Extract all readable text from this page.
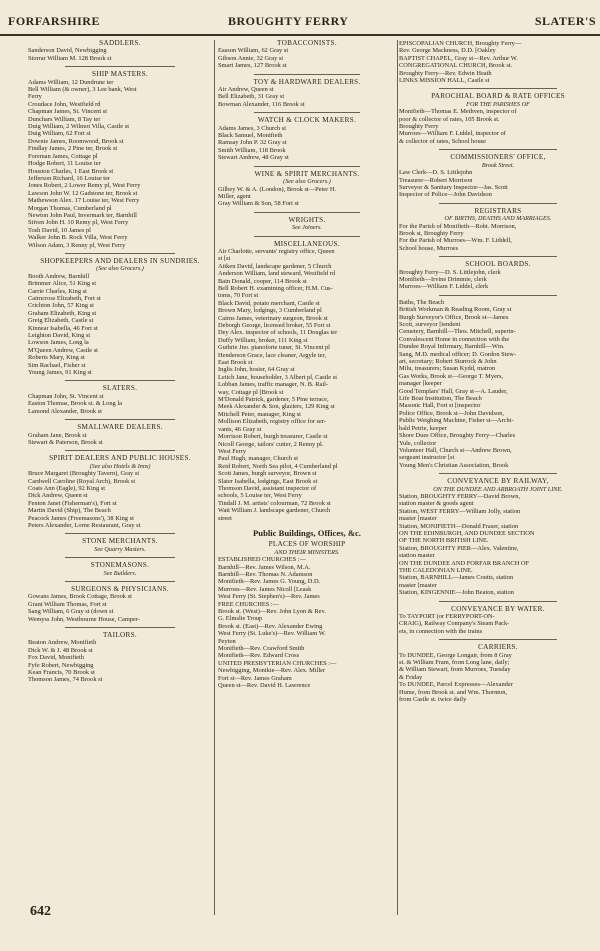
FORFARSHIRE	BROUGHTY FERRY	SLATER'S
SADDLERS.
Sanderson David, Newbigging
Storrar William M. 128 Brook st
SHIP MASTERS.
Adams William, 12 Dundrune ter
Bell William (& owner), 3 Lee bank, West
Ferry
Croudace John, Westfield rd
Chapman James, St. Vincent st
Dunchars William, 8 Tay ter
Duig William, 2 Wilmot Villa, Castle st
Duig William, 62 Fort st
Downie James, Roomwood, Brook st
Findlay James, 2 Pine ter, Brook st
Foreman James, Cottage pl
Hodge Robert, 11 Louise ter
Houston Charles, 1 East Brook st
Jefferson Richard, 16 Louise ter
Jones Robert, 2 Lower Remy pl, West Ferry
Lawson John W. 12 Gadstone ter, Brook st
Mathewson Alex. 17 Louise ter, West Ferry
Morgan Thomas, Cumberland pl
Newton John Paul, Invermark ter, Barnhill
Stiven John H. 10 Remy pl, West Ferry
Tosh David, 10 James pl
Walker John B. Rock Villa, West Ferry
Wilson Adam, 3 Renny pl, West Ferry
SHOPKEEPERS AND DEALERS IN SUNDRIES.
(See also Grocers.)
Booth Andrew, Barnhill
Brimmer Alice, 51 King st
Carrie Charles, King st
Cairncross Elizabeth, Fort st
Crichton John, 57 King st
Graham Elizabeth, King st
Greig Elizabeth, Castle st
Kinnear Isabella, 46 Fort st
Leighton David, King st
Lowson James, Long la
M'Queen Andrew, Castle st
Roberts Mary, King st
Sim Rachael, Fisher st
Young James, 91 King st
SLATERS.
Chapman John, St. Vincent st
Easton Thomas, Brook st. & Long la
Lamond Alexander, Brook st
SMALLWARE DEALERS.
Graham Jane, Brook st
Stewart & Paterson, Brook st
SPIRIT DEALERS AND PUBLIC HOUSES.
(See also Hotels & Inns)
Bruce Margaret (Broughty Tavern), Gray st
Cardwell Caroline (Royal Arch), Brook st
Coats Ann (Eagle), 92 King st
Dick Andrew, Queen st
Fenton Janet (Fisherman's), Fort st
Martin David (Ship), The Beach
Peacock James (Freemasons'), 38 King st
Peters Alexander, Lorne Restaurant, Gray st
STONE MERCHANTS.
See Quarry Masters.
STONEMASONS.
See Builders.
SURGEONS & PHYSICIANS.
Gowans James, Brook Cottage, Brook st
Grant William Thomas, Fort st
Sang William, 6 Gray st (down st
Wemyss John, Westbourne House, Camper-
TAILORS.
Beaton Andrew, Monifieth
Dick W. & J. 48 Brook st
Fox David, Monifieth
Fyfe Robert, Newbigging
Kean Francis, 70 Brook st
Thomson James, 74 Brook st
TOBACCONISTS.
Easson William, 62 Gray st
Gibson Annie, 32 Gray st
Smart James, 127 Brook st
TOY & HARDWARE DEALERS.
Air Andrew, Queen st
Bell Elizabeth, 31 Gray st
Bowman Alexander, 116 Brook st
WATCH & CLOCK MAKERS.
Adams James, 3 Church st
Black Samuel, Monifieth
Ramsay John P. 32 Gray st
Smith William, 118 Brook
Stewart Andrew, 48 Gray st
WINE & SPIRIT MERCHANTS.
(See also Grocers.)
Gilbey W. & A. (London), Brook st—Peter H.
Miller, agent
Gray William & Son, 58 Fort st
WRIGHTS.
See Joiners.
MISCELLANEOUS.
Air Charlotte, servants' registry office, Queen
st [st
Aitken David, landscape gardener, 5 Church
Anderson William, land steward, Westfield rd
Bain Donald, cooper, 114 Brook st
Bell Robert H. examining officer, H.M. Cus-
toms, 70 Fort st
Black David, potato merchant, Castle st
Brown Mary, lodgings, 3 Cumberland pl
Cairns James, veterinary surgeon, Brook st
Deborgh George, licensed broker, 55 Fort st
Dey Alex. inspector of schools, 11 Douglas ter
Duffy William, broker, 111 King st
Guthrie Jno. pianoforte tuner, St. Vincent pl
Henderson Grace, lace cleaner, Argyle ter,
East Brook st
Inglis John, hosier, 64 Gray st
Leitch Jane, householder, 3 Albert pl, Castle st
Lobban James, traffic manager, N. B. Rail-
way, Cottage pl [Brook st
M'Donald Patrick, gardener, 5 Pine terrace,
Meek Alexander & Son, glaziers, 129 King st
Mitchell Peter, manager, King st
Mollison Elizabeth, registry office for ser-
vants, 46 Gray st
Morrison Robert, burgh treasurer, Castle st
Nicoll George, tailors' cutter, 2 Renny pl.
West Ferry
Paul Hugh, manager, Church st
Reid Robert, North Sea pilot, 4 Cumberland pl
Scott James, burgh surveyor, Brown st
Slater Isabella, lodgings, East Brook st
Thomson David, assistant inspector of
schools, 5 Louise ter, West Ferry
Tindall J. M. artists' colourman, 72 Brook st
Watt William J. landscape gardener, Church
street
Public Buildings, Offices, &c.
PLACES OF WORSHIP
AND THEIR MINISTERS.
ESTABLISHED CHURCHES :—
Barnhill—Rev. James Wilson, M.A.
Barnhill—Rev. Thomas N. Adamson
Monifieth—Rev. James G. Young, D.D.
Murroes—Rev. James Nicoll [Leask
West Ferry (St. Stephen's)—Rev. James
FREE CHURCHES :—
Brook st. (West)—Rev. John Lyon & Rev.
G. Elmslie Troup
Brook st. (East)—Rev. Alexander Ewing
West Ferry (St. Luke's)—Rev. William W.
Peyton
Monifieth—Rev. Crawford Smith
Monifieth—Rev. Edward Cross
UNITED PRESBYTERIAN CHURCHES :—
Newbigging, Monikie—Rev. Alex. Miller
Fort st—Rev. James Graham
Queen st—Rev. David H. Lawrence
EPISCOPALIAN CHURCH, Broughty Ferry—
Rev. George Mackness, D.D. [Oakley
BAPTIST CHAPEL, Gray st—Rev. Arthur W.
CONGREGATIONAL CHURCH, Brook st.
Broughty Ferry—Rev. Edwin Heath
LINKS MISSION HALL, Castle st
PAROCHIAL BOARD & RATE OFFICES
FOR THE PARISHES OF
Monifieth—Thomas E. Methven, inspector of
poor & collector of rates, 105 Brook st.
Broughty Ferry
Murroes—William F. Liddel, inspector of
& collector of rates, School house
COMMISSIONERS' OFFICE,
Brook Street.
Law Clerk—D. S. Littlejohn
Treasurer—Robert Morrison
Surveyor & Sanitary Inspector—Jas. Scott
Inspector of Police—John Davidson
REGISTRARS
OF BIRTHS, DEATHS AND MARRIAGES.
For the Parish of Monifieth—Robt. Morrison,
Brook st, Broughty Ferry
For the Parish of Murroes—Wm. F. Liddell,
School house, Murroes
SCHOOL BOARDS.
Broughty Ferry—D. S. Littlejohn, clerk
Monifieth—Irvine Drimmie, clerk
Murroes—William F. Liddel, clerk
Baths, The Beach
British Workman & Reading Room, Gray st
Burgh Surveyor's Office, Brook st—James
Scott, surveyor [tendent
Cemetery, Barnhill—Thos. Mitchell, superin-
Convalescent Home in connection with the
Dundee Royal Infirmary, Barnhill—Wm.
Sang, M.D. medical officer; D. Gordon Stew-
art, secretary; Robert Sturrock & John
Milu, treasurers; Susan Kydd, matron
Gas Works, Brook st—George T. Myers,
manager [keeper
Good Templars' Hall, Gray st—A. Lauder,
Life Boat Institution, The Beach
Masonic Hall, Fort st [inspector
Police Office, Brook st—John Davidson,
Public Weighing Machine, Fisher st—Archi-
bald Petrie, keeper
Shore Dues Office, Broughty Ferry—Charles
Yule, collector
Volunteer Hall, Church st—Andrew Brown,
sergeant instructor [st
Young Men's Christian Association, Brook
CONVEYANCE BY RAILWAY,
ON THE DUNDEE AND ARBROATH JOINT LINE.
Station, BROUGHTY FERRY—David Brown,
station master & goods agent
Station, WEST FERRY—William Jolly, station
master [master
Station, MONIFIETH—Donald Fraser, station
ON THE EDINBURGH, AND DUNDEE SECTION
OF THE NORTH BRITISH LINE.
Station, BROUGHTY PIER—Alex. Valentine,
station master
ON THE DUNDEE AND FORFAR BRANCH OF
THE CALEDONIAN LINE.
Station, BARNHILL—James Coutts, station
master [master
Station, KINGENNIE—John Beaton, station
CONVEYANCE BY WATER.
To TAYPORT (or FERRYPORT-ON-
CRAIG), Railway Company's Steam Pack-
ets, in connection with the trains
CARRIERS.
To DUNDEE, George Longair, from 8 Gray
st. & William Fram, from Long lane, daily;
& William Stewart, from Murroes, Tuesday
& Friday
To DUNDEE, Parcel Expresses—Alexander
Hume, from Brook st. and Wm. Thornton,
from Castle st. twice daily
642
